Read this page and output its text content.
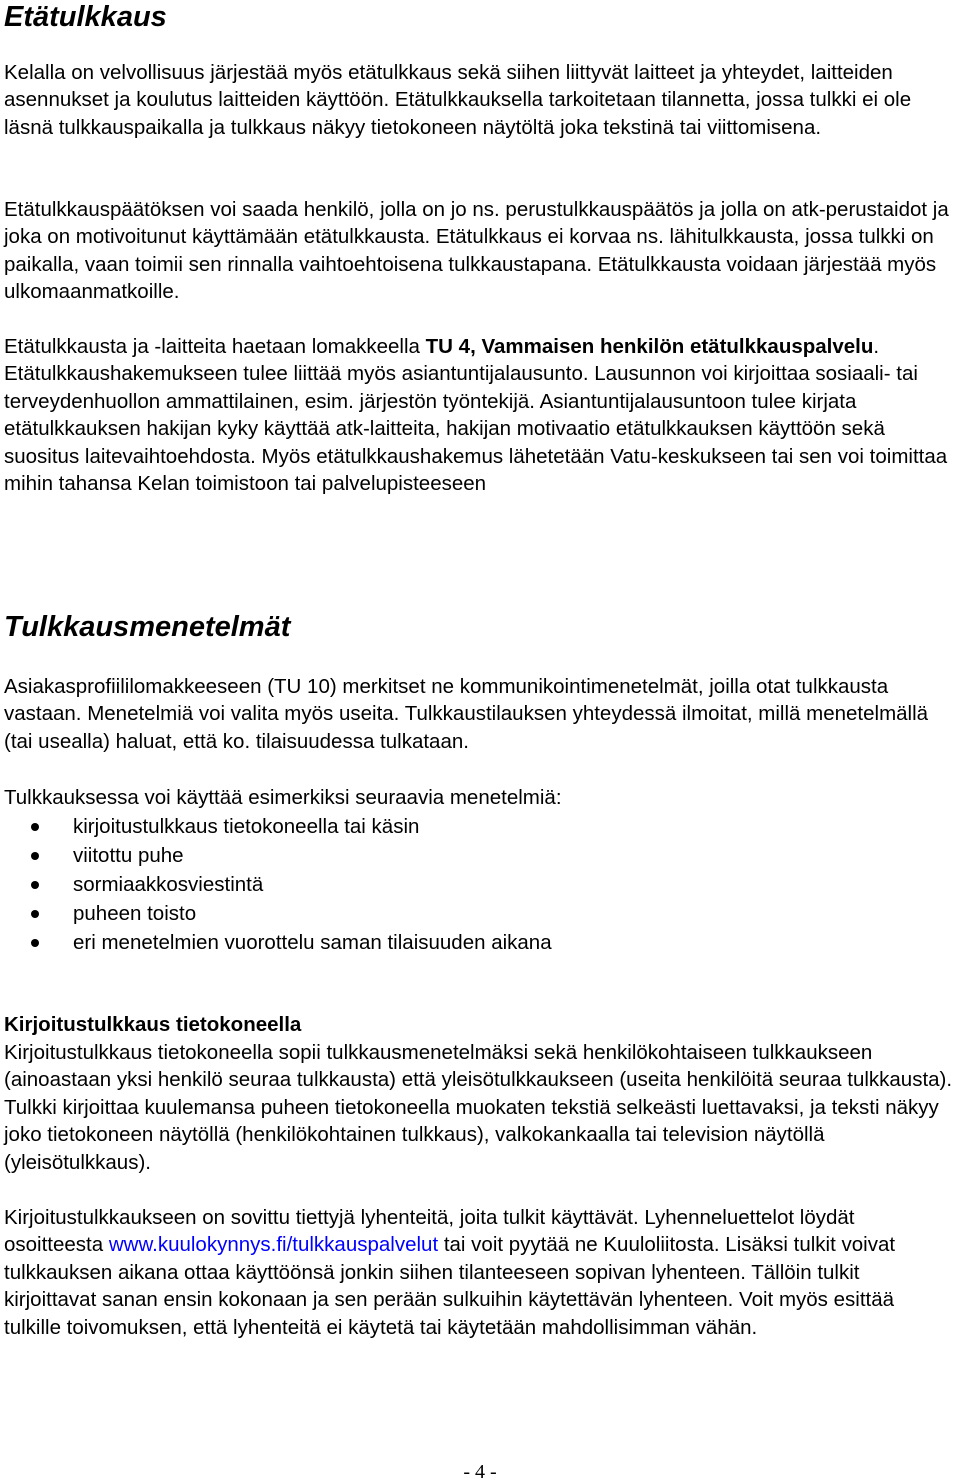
Etätulkkaus

Kelalla on velvollisuus järjestää myös etätulkkaus sekä siihen liittyvät laitteet ja yhteydet, laitteiden asennukset ja koulutus laitteiden käyttöön. Etätulkkauksella tarkoitetaan tilannetta, jossa tulkki ei ole läsnä tulkkauspaikalla ja tulkkaus näkyy tietokoneen näytöltä joka tekstinä tai viittomisena.

Etätulkkauspäätöksen voi saada henkilö, jolla on jo ns. perustulkkauspäätös ja jolla on atk-perustaidot ja joka on motivoitunut käyttämään etätulkkausta. Etätulkkaus ei korvaa ns. lähitulkkausta, jossa tulkki on paikalla, vaan toimii sen rinnalla vaihtoehtoisena tulkkaustapana. Etätulkkausta voidaan järjestää myös ulkomaanmatkoille.

Etätulkkausta ja -laitteita haetaan lomakkeella TU 4, Vammaisen henkilön etätulkkauspalvelu. Etätulkkaushakemukseen tulee liittää myös asiantuntijalausunto. Lausunnon voi kirjoittaa sosiaali- tai terveydenhuollon ammattilainen, esim. järjestön työntekijä. Asiantuntijalausuntoon tulee kirjata etätulkkauksen hakijan kyky käyttää atk-laitteita, hakijan motivaatio etätulkkauksen käyttöön sekä suositus laitevaihtoehdosta. Myös etätulkkaushakemus lähetetään Vatu-keskukseen tai sen voi toimittaa mihin tahansa Kelan toimistoon tai palvelupisteeseen

Tulkkausmenetelmät

Asiakasprofiililomakkeeseen (TU 10) merkitset ne kommunikointimenetelmät, joilla otat tulkkausta vastaan. Menetelmiä voi valita myös useita. Tulkkaustilauksen yhteydessä ilmoitat, millä menetelmällä (tai usealla) haluat, että ko. tilaisuudessa tulkataan.

Tulkkauksessa voi käyttää esimerkiksi seuraavia menetelmiä:

kirjoitustulkkaus tietokoneella tai käsin
viitottu puhe
sormiaakkosviestintä
puheen toisto
eri menetelmien vuorottelu saman tilaisuuden aikana
Kirjoitustulkkaus tietokoneella

Kirjoitustulkkaus tietokoneella sopii tulkkausmenetelmäksi sekä henkilökohtaiseen tulkkaukseen (ainoastaan yksi henkilö seuraa tulkkausta) että yleisötulkkaukseen (useita henkilöitä seuraa tulkkausta). Tulkki kirjoittaa kuulemansa puheen tietokoneella muokaten tekstiä selkeästi luettavaksi, ja teksti näkyy joko tietokoneen näytöllä (henkilökohtainen tulkkaus), valkokankaalla tai television näytöllä (yleisötulkkaus).

Kirjoitustulkkaukseen on sovittu tiettyjä lyhenteitä, joita tulkit käyttävät. Lyhenneluettelot löydät osoitteesta www.kuulokynnys.fi/tulkkauspalvelut tai voit pyytää ne Kuuloliitosta. Lisäksi tulkit voivat tulkkauksen aikana ottaa käyttöönsä jonkin siihen tilanteeseen sopivan lyhenteen. Tällöin tulkit kirjoittavat sanan ensin kokonaan ja sen perään sulkuihin käytettävän lyhenteen. Voit myös esittää tulkille toivomuksen, että lyhenteitä ei käytetä tai käytetään mahdollisimman vähän.

- 4 -
